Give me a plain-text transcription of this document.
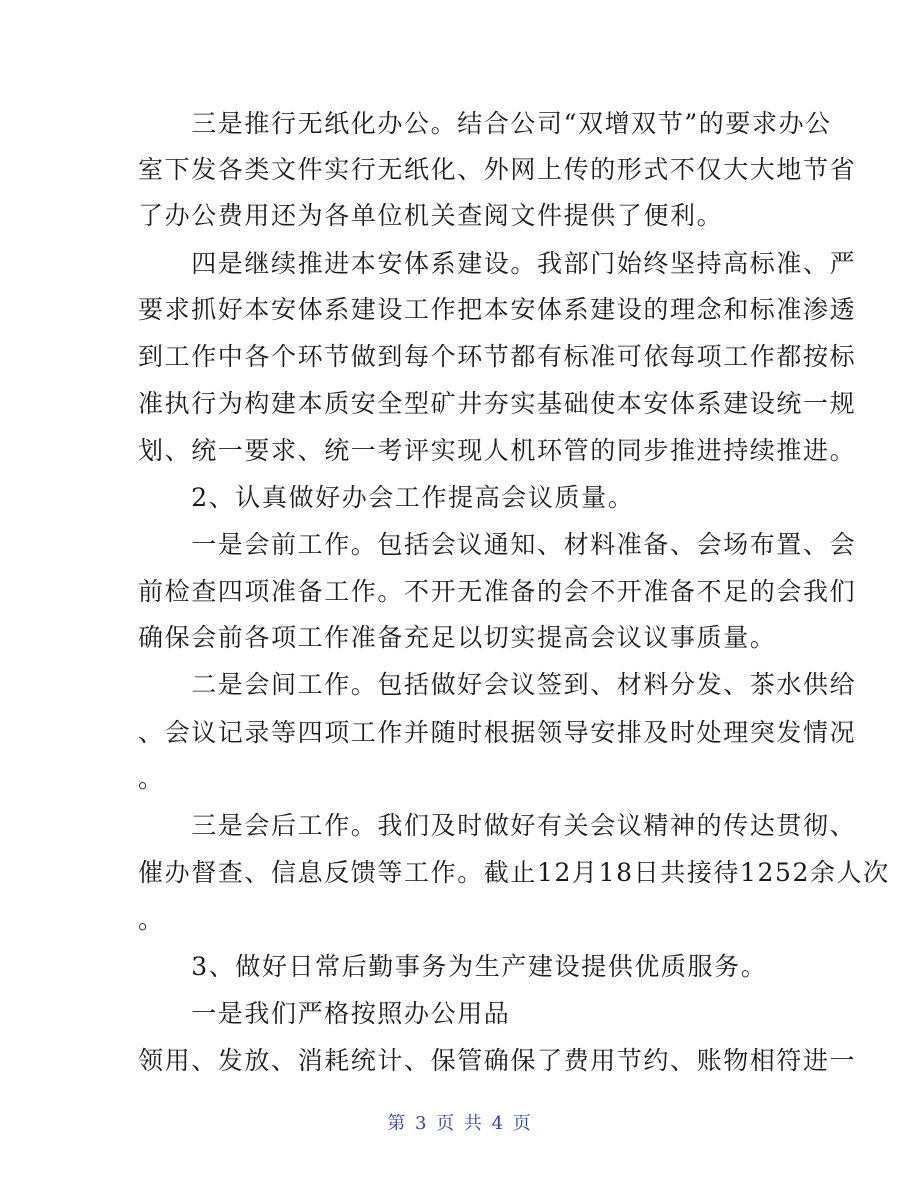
　　三是推行无纸化办公。结合公司“双增双节”的要求办公
室下发各类文件实行无纸化、外网上传的形式不仅大大地节省
了办公费用还为各单位机关查阅文件提供了便利。
　　四是继续推进本安体系建设。我部门始终坚持高标准、严
要求抓好本安体系建设工作把本安体系建设的理念和标准渗透
到工作中各个环节做到每个环节都有标准可依每项工作都按标
准执行为构建本质安全型矿井夯实基础使本安体系建设统一规
划、统一要求、统一考评实现人机环管的同步推进持续推进。
　　2、认真做好办会工作提高会议质量。
　　一是会前工作。包括会议通知、材料准备、会场布置、会
前检查四项准备工作。不开无准备的会不开准备不足的会我们
确保会前各项工作准备充足以切实提高会议议事质量。
　　二是会间工作。包括做好会议签到、材料分发、茶水供给
、会议记录等四项工作并随时根据领导安排及时处理突发情况
。
　　三是会后工作。我们及时做好有关会议精神的传达贯彻、
催办督查、信息反馈等工作。截止12月18日共接待1252余人次
。
　　3、做好日常后勤事务为生产建设提供优质服务。
　　一是我们严格按照办公用品
领用、发放、消耗统计、保管确保了费用节约、账物相符进一
第 3 页 共 4 页
